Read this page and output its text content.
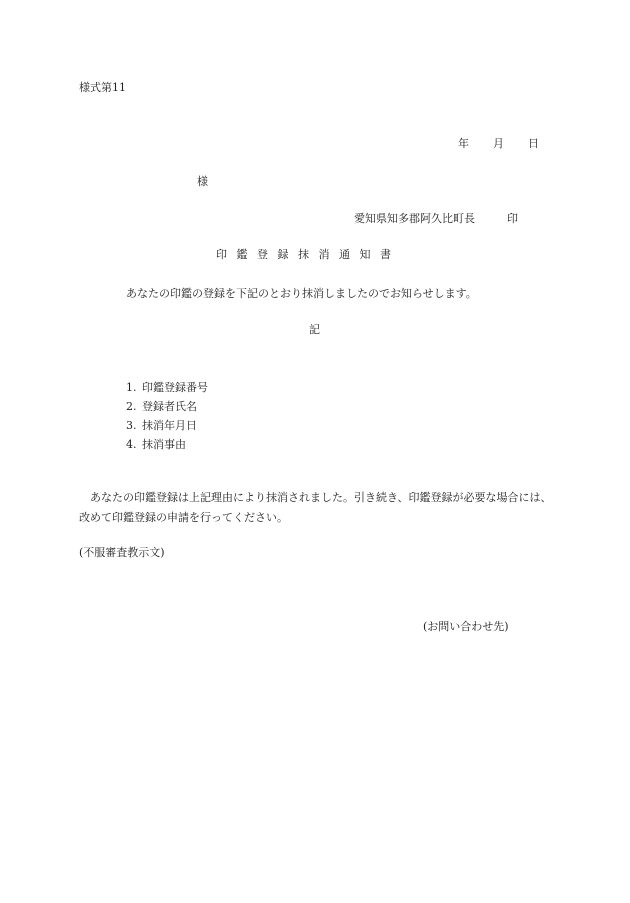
様式第11
年 月 日
様
愛知県知多郡阿久比町長	印
印鑑登録抹消通知書
あなたの印鑑の登録を下記のとおり抹消しましたのでお知らせします。
記
1. 印鑑登録番号
2. 登録者氏名
3. 抹消年月日
4. 抹消事由
あなたの印鑑登録は上記理由により抹消されました。引き続き、印鑑登録が必要な場合には、改めて印鑑登録の申請を行ってください。
(不服審査教示文)
(お問い合わせ先)
